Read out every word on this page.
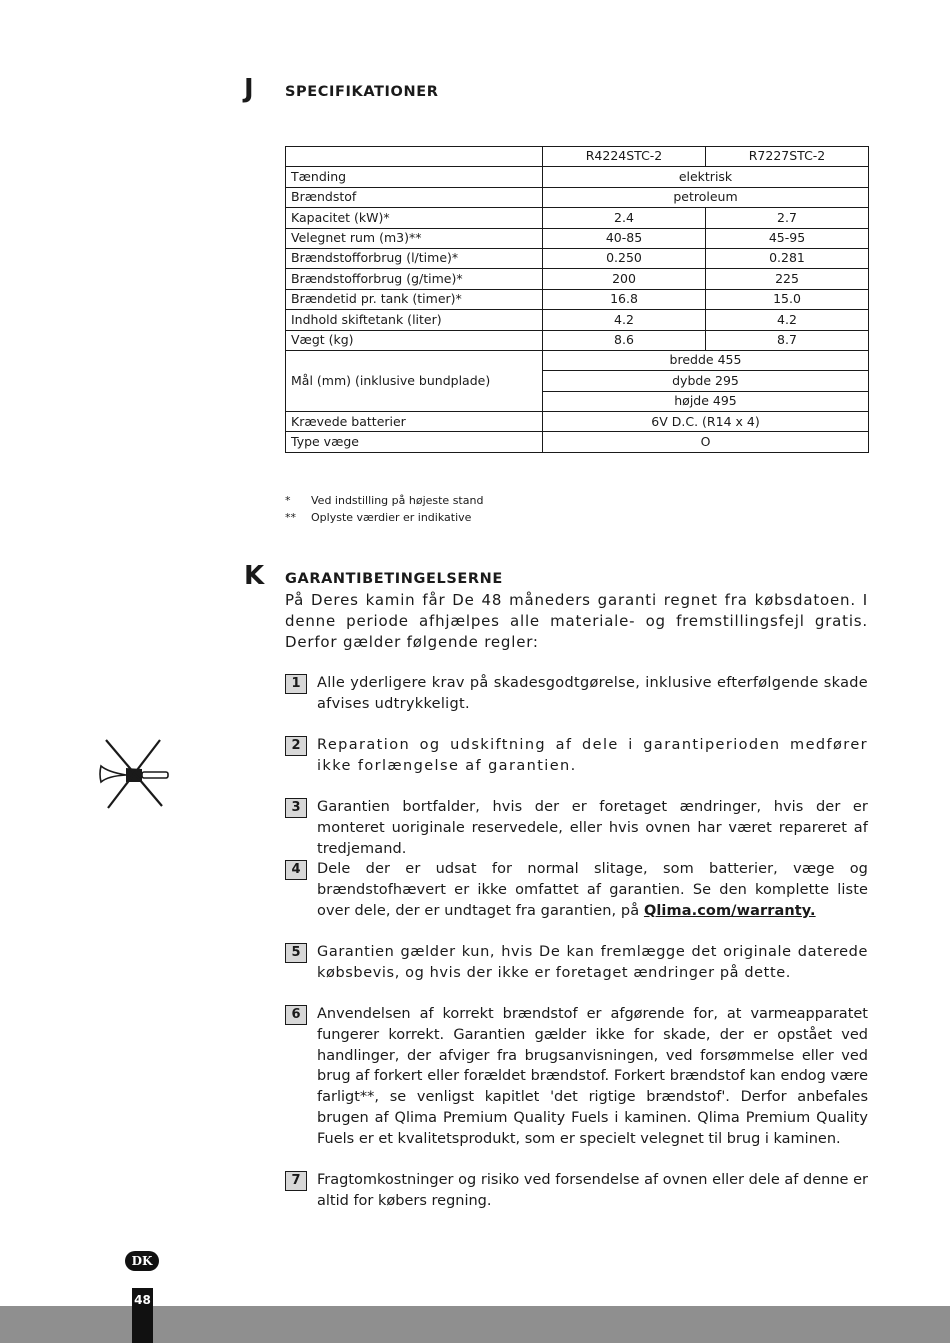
J SPECIFIKATIONER
	R4224STC-2	R7227STC-2
Tænding	elektrisk	
Brændstof	petroleum	
Kapacitet (kW)*	2.4	2.7
Velegnet rum (m3)**	40-85	45-95
Brændstofforbrug (l/time)*	0.250	0.281
Brændstofforbrug (g/time)*	200	225
Brændetid pr. tank (timer)*	16.8	15.0
Indhold skiftetank (liter)	4.2	4.2
Vægt (kg)	8.6	8.7
Mål (mm) (inklusive bundplade)	bredde 455	
	dybde 295	
	højde 495	
Krævede batterier	6V D.C. (R14 x 4)	
Type væge	O	
* Ved indstilling på højeste stand
** Oplyste værdier er indikative
K GARANTIBETINGELSERNE
På Deres kamin får De 48 måneders garanti regnet fra købsdatoen. I denne periode afhjælpes alle materiale- og fremstillingsfejl gratis. Derfor gælder følgende regler:
1	Alle yderligere krav på skadesgodtgørelse, inklusive efterfølgende skade afvises udtrykkeligt.
2	Reparation og udskiftning af dele i garantiperioden medfører ikke forlængelse af garantien.
3	Garantien bortfalder, hvis der er foretaget ændringer, hvis der er monteret uoriginale reservedele, eller hvis ovnen har været repareret af tredjemand.
4	Dele der er udsat for normal slitage, som batterier, væge og brændstofhævert er ikke omfattet af garantien. Se den komplette liste over dele, der er undtaget fra garantien, på Qlima.com/warranty.
5	Garantien gælder kun, hvis De kan fremlægge det originale daterede købsbevis, og hvis der ikke er foretaget ændringer på dette.
6	Anvendelsen af korrekt brændstof er afgørende for, at varmeapparatet fungerer korrekt. Garantien gælder ikke for skade, der er opstået ved handlinger, der afviger fra brugsanvisningen, ved forsømmelse eller ved brug af forkert eller forældet brændstof. Forkert brændstof kan endog være farligt**, se venligst kapitlet 'det rigtige brændstof'. Derfor anbefales brugen af Qlima Premium Quality Fuels i kaminen. Qlima Premium Quality Fuels er et kvalitetsprodukt, som er specielt velegnet til brug i kaminen.
7	Fragtomkostninger og risiko ved forsendelse af ovnen eller dele af denne er altid for købers regning.
DK
48
